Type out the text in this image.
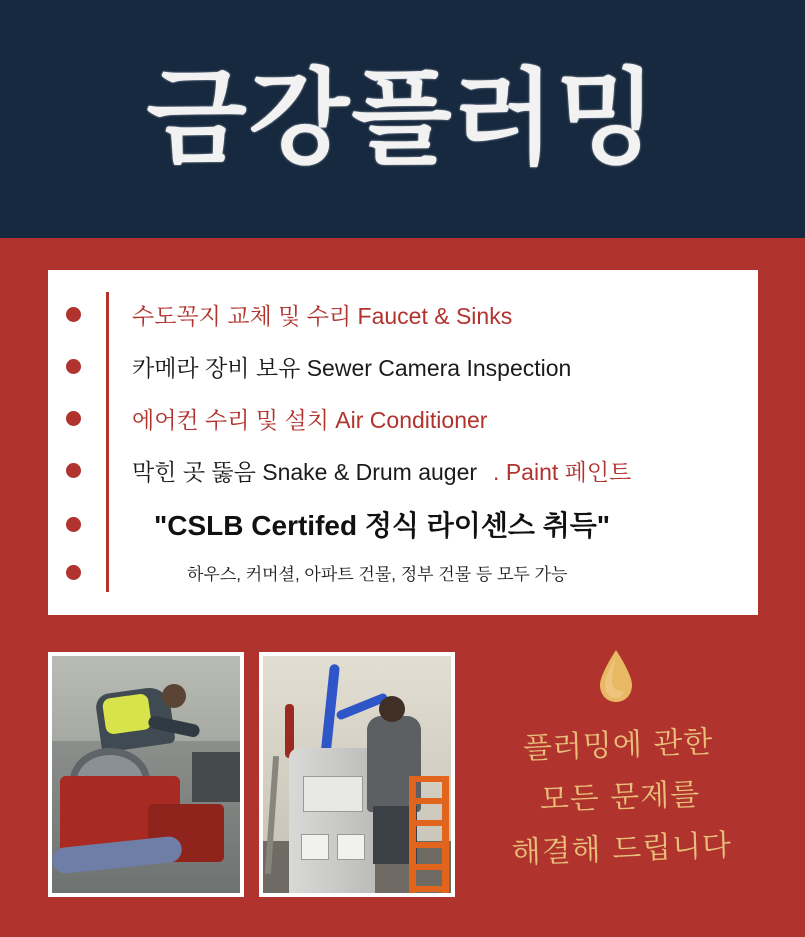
금강플러밍
수도꼭지 교체 및 수리 Faucet & Sinks
카메라 장비 보유 Sewer Camera Inspection
에어컨 수리 및 설치 Air Conditioner
막힌 곳 뚫음 Snake & Drum auger . Paint 페인트
"CSLB Certifed 정식 라이센스 취득"
하우스, 커머셜, 아파트 건물, 정부 건물 등 모두 가능
플러밍에 관한
모든 문제를
해결해 드립니다
